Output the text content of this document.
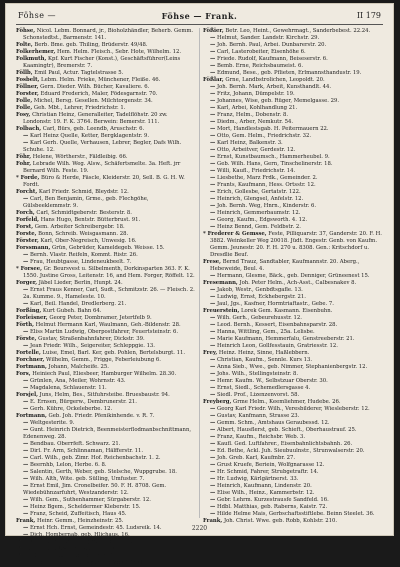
Föhse —	Föhse — Frank.	II 179

Föhse, Nicol. Lebm. Bonnard, jr., Bioholzhändler, Beherb. Gemm. Schonstedtst., Barmenstr. 141.

Folte, Berb. Bme. geb. Thiling, Brüderstr. 49/48.

Folkerhemer, Hem. Helm. Fleisch., Sebr. Hote, Wilhelm. 12.

Folkmuth, Kpf. Kurt Fischer (Konst.), Geschäftsführer(Leins Kaamingtr), Bremerstr. 7.

Föllb, Emil Paul, Actur. Tagtelstrasse 5.

Fosbelt, Lebm. Helm. Frieke, Münchener, Fleiße. 46.

Föllner, Gern. Dieder. Wilh. Bücher, Kavaliere. 6.

Forster, Eduard Frederich, Maler, Födesgarnstr. 70.

Folle, Michel, Bersg. Gesellen. Milchtorgenstr. 34.

Folle, Geh. Mbt., Lehrer, Friedrichstr. 1.

Fosy, Christian Heinz, Generalleiter, Tadelflöhstr. 20 zw. Londonstr. 19. F. K. 3764. Berwein: Bemerstr. 111.

Folbach, Carl, Bürs, geb. Leendb, Aruschstr. 6.

— Karl Heinz Quelle, Ketter, Bergklagentstr. 9.

— Karl Gerh. Quelle, Verhausen, Lebrer, Begler, Dafs Wilh. Schuhe. 12.

Föhr, Helene, Wörtherstr., Fäldleibig. 66.

Fohr, Lebrade Wilh. Weg. Alsw., Schäfertsmelte. 3a. Heft. jrr Bernard Wilh. Feste. 19.

* Forde, Büro & Herde, Fäscle, Kleiderstr. 20, Sell. B. G. H. W. Fordt.

Forcht, Karl Friedr. Schmid, Bleydstr. 12.

— Carl, Ben Benjamin, Grme., geb. Flechgöhe, Gülsbeeklemmstr. 9.

Forch, Carl, Schmidtgeberstr. Besterstr. 8.

Forfeld, Hans Hugo, Bentstr. Bütterbrust. 91.

Forst, Gem. Arbeiter Schreibergebr. 18.

Forste, Bonn, Schreib. Weisgasmann. 28.

Förster, Karl, Ober-Negreisch, Unwesig. 16.

Forssmann, Grün, Gebrüder, Kameldegeb. Weisse. 15.

— Bernh. Vlastr. Reifeln, Kommt. Ristr. 26.

— Frau, Heubtgasse, Lindeneukbeelt. 7.

* Forsee, Gr. Beursvest u. Silbelmenth, Dorkinsparten 363. F. K. 1550. Justine Gross, Leitenstr. 16, and Hem. Forger, Röffelt. 12.

Forger, Jäbel Lieder, Berlin, Hunpt. 24.

— Ernst Fraus Kenner, Carl, Sudt., Schmitzstr. 26. — Fleisch. 2. 2a. Kumme. 9., Hameleste. 10.

— Karl, Beil. Handel, Dredlerberg. 21.

Forßing, Kurt Gubeh. Bahn 64.

Forleisner, Georg Peter, Dombramer, Jetertfelb 9.

Förth, Helmut Hermann Karl, Waulmann, Geh.-Bildenstr. 28.

— Eliss Martin Ludwig, Oberpostfahrer, Feuertsteinstr. 6.

Förste, Gustav, Straßenbahnfahrer, Dickstr. 39.

— Jean Friedr. Wilh., Seigereiter, Schleppgie. 13.

Fortelle, Luise, Emel, Barl. Ker, geb. Pohlen, Bertelsburgt. 11.

Forchner, Wilhelm, Gemm., Frigge, Feberleiubung 6.

Fortmann, Johann, Malcheife. 25.

Fors, Heiniech Paul, Eliesbeer, Hamburger Wilhelm. 28.30.

— Grünlen, Ana, Meiler, Wohrnstr. 43.

— Magdalena, Schlauenstr. 11.

Forsjel, Juns, Helm, Bes., Sitfuhrsteibe. Bruesbaustr. 94.

— E. Ernsen, Bürgerw., Dembrunerstr. 21.

— Gerh. Kühre, Ockeleberbe. 12.

Fortmann, Geb. Joh. Friedr. Pfenikinhende. v. R. 7.

— Weltgesterite. 9.

— Gunt. Heinrich Dietrich, Beenmeisterflodmanbschnittmann, Edenenweg. 28.

— Bendbau. Oberrfeft. Schwarz. 21.

— Dirl. Fr. Arm, Schlinnaman, Hälfferstr. 11.

— Carl. Wilh., geb. Zimr. Hof. Reichenbachstr. 1. 2.

— Beernhb, Lelon, Herbe. 6. 8.

— Salentin, Gerth, Weber, geb. Stelsche, Wuppgrube. 18.

— Wilh. Alth, Wite. geb. Sülling, Umfuster. 7.

— Ernst Emil, Jim. Cronelbeifer. 50. F. H. 8708. Gem. Wiedebühnzarfuhrt, Westzanderstr. 12.

— Wilh. Gem., Suthenhammer, Sürgaberstr. 12.

— Heinz Bgem., Scheldermer Kleberstr. 15.

— Franz, Scheid, Zuffeitisch, Haus 45.

Frank, Heinr. Gemm., Heinzheinstr. 25.

— Ernst Hch. Ernst, Gemeindestr. 45. Ludsreik. 14.

— Dich, Hombernab, geb. Hlichaus. 16.

Frieder, Gentr. Carl, Falzigrauf. Blöhrig. 25.

Frijeller, Blatt Tracher, Ausgang, 41.

Frost, Heinz. 1st., Rath, Einige 6. 8.

Fritz, Heinz. Henr. Turnmayer, Heißenwölferstr. 18.

Fößier, Betr. Leo, Heint., Gewehrmagt., Sanderbebest. 22.24.

— Helmut, Sander. Landstr. Kirchstr. 29.

— Joh. Bernh. Paul, Arbei. Dunbarerstr. 20.

— Carl, Lasterobeiter, Eisenhöhe 6.

— Friede. Rudolf, Kaufmann, Beiseserstr. 6.

— Bemb. Erne, Reichsbaumeist. 6.

— Edmund, Bese., geb. Pflieten, Erlmannsthandustr. 19.

Fößlar, Grne, Landbstrolichen, Leopoldt. 20.

— Joh. Bernh. Mark, Arbeit, Kunsthandlt. 44.

— Fritz, Johann, Dümpelstr. 19.

— Johannes, Wise, geb. Rüger, Memelgasse. 29.

— Karl, Arbei, Kohlhandlung 21.

— Franz, Helm., Dobenstr. 8.

— Diedm., Arber, Nemkutr. 54.

— Mort, Handlestsgab. H. Peitermauern 22.

— Otto, Gem. Helm., Friedrichstr. 32.

— Karl Heinz, Balkenstr. 3.

— Otto, Arbeitver, Gerdestr. 12.

— Ernst, Kunstbaumsch., Hammerheubel. 9.

— Geb. Wilh. Hans, Gern, Tinschelinerstr. 18.

— Willi, Kaufl., Friedrichstr. 14.

— Liesbethe, Marz Frdk., Gemeinder. 2.

— Frants, Kaufmann, Hess. Ortsstr. 12.

— Erich, Gollesbe, Gertatstr. 122.

— Heinrich, Glengsel, Anfelstr. 12.

— Joh. Bernh. Weg, Hnrn., Kinderstr. 6.

— Heinrich, Gemmerbaumstr. 12.

— Georg, Kaufm., Edgsworth. 4. 12.

— Heinz Bennd, Gem. Feldbstr. 2.

* Frederer & Gemsse, Feste, Pilliquarstr. 37, Ganderstr. 20. F. H. 3882. Weinkeller Weg 20018. Jüdt. Engestr. Genb. von Kaufm. Gemm. Jeunestr. 20. F. H. 270 u. 8308. Gen.: Kritschdorf u. Dresdlie Beuf.

Frese, Bernd Trauz, Sandtabler, Kaufmannstr. 20. Aberg., Hebeweide, Beul. 4.

— Hermann, Glesme, Bäck., geb. Denniger, Grüneenest 15.

Fresemann, Joh. Peter Helm., Ach-Asst., Calbesnakev 8.

— Jakob, Westr., Genbdtsgafle. 13.

— Ludwig, Ernst, Eckhebergstr. 21.

— Jaul, Jgs., Kasfner, Hormtriaftastr., Gebe. 7.

Freuerstein, Lorek Gem. Kasmann. Eisenbuhn.

— Wilh. Gerh., Gebeurehusstr. 12.

— Leod. Bernh., Kessert, Eisenbahnsparstr. 28.

— Hanna, Wittling, Gem., 25a. Lelisbe.

— Marie Kaufmann, Hemmerfalu, Genstreeberstr. 21.

— Heinrich Leon, Gollfesstauin, Gratriesstr. 12.

Frey, Heinz. Heinz, Sinne, Haßlebbern.

— Christian, Kaufm., Sennle. Kurs 13.

— Anna Sieb., Wwe., geb. Nimmer, Stephanienbergstr. 12.

— Johs. Wilh., Stellingsteinstr. 8.

— Hemr. Kaufm. W., Selbstzuar Oberstr. 30.

— Ernst, Siedl., Schemedlersgasse 4.

— Siedl. Prof., Lizenzenvorst. 58.

Freyberg, Grme Helm., Keemliehmer, Hudebe. 26.

— Georg Karl Friedr. Wilh., Veresbilderer, Wiesleberstr. 12.

— Gustav, Kanfmann, Strasse 23.

— Gemm. Schm., Amtshaus Geraubessd. 12.

— Albert, Hausflerst, geb. Schieft., Oberhaustrauf. 25.

— Franz, Kaufm., Reichsbr. Web. 3.

— Kaufl. Ged. Luftfahrer., Eisenbahnlichtsbahnh. 26.

— Ed. Bethe, Ackl. Juh. Sieubuulnstr., Strunwalserstr. 20.

— Joh. Greb. Karl, Kaufmbr. 27.

— Grust Kruefe, Beriein, Wolfgnarasse 12.

— Hr. Schmid, Fahrer, Strubgetraftr. 14.

— Hr. Ludwig, Kärlgärtnerst. 33.

— Heinrich, Kaufmann, Lindenstr. 20.

— Elise Wilh., Heinz., Kammerbstr. 12.

— Gebr. Lehrm. Kurzestrausfe Sandfeld. 16.

— Hdbl. Matthias, geb. Raberns, Kaistr. 72.

— Hilde Helme Mais, Gerbschaftsstiftlebe. Beinn Steelet. 36.

Frank, Joh. Christ. Wwe. geb. Robb, Kohlstr. 210.

2220
